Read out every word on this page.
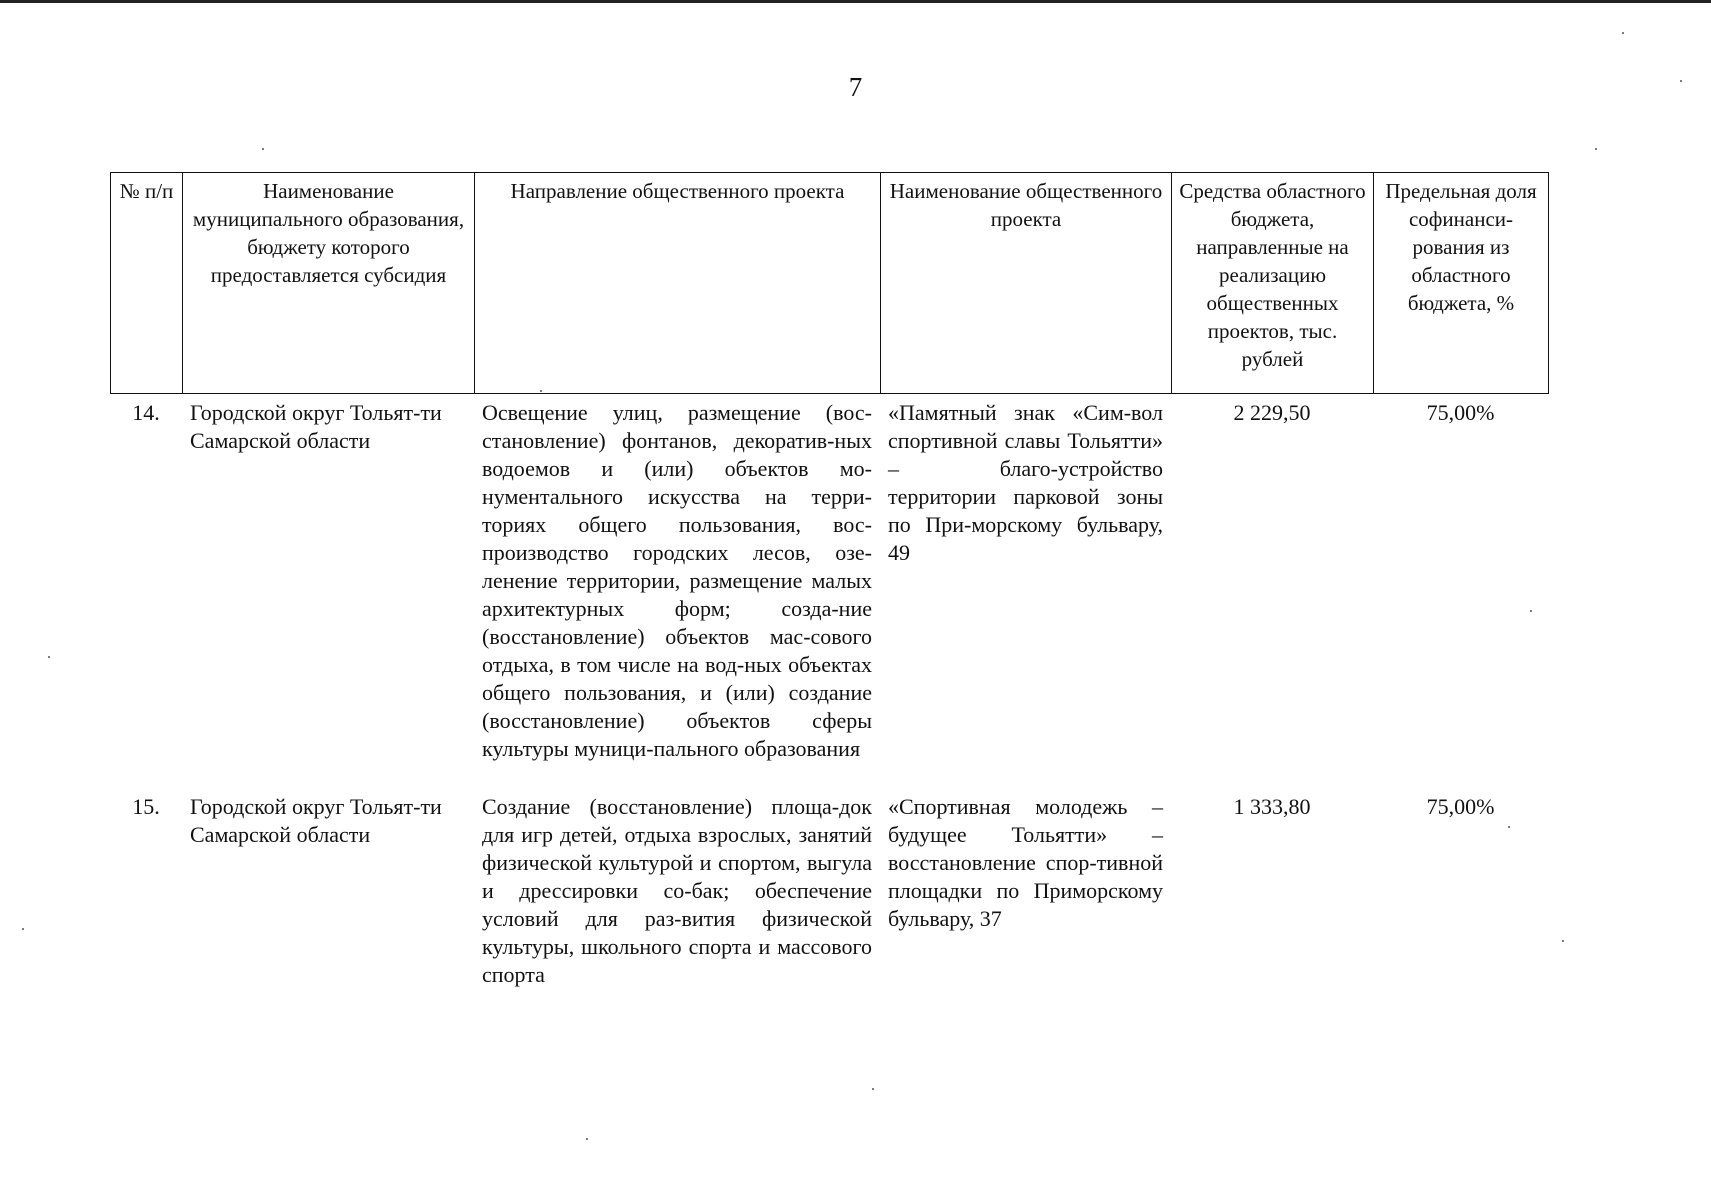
7
№ п/п	Наименование муниципального образования, бюджету которого предоставляется субсидия	Направление общественного проекта	Наименование общественного проекта	Средства областного бюджета, направленные на реализацию общественных проектов, тыс. рублей	Предельная доля софинанси-рования из областного бюджета, %
14.	Городской округ Тольят-ти Самарской области	Освещение улиц, размещение (вос-становление) фонтанов, декоратив-ных водоемов и (или) объектов мо-нументального искусства на терри-ториях общего пользования, вос-производство городских лесов, озе-ленение территории, размещение малых архитектурных форм; созда-ние (восстановление) объектов мас-сового отдыха, в том числе на вод-ных объектах общего пользования, и (или) создание (восстановление) объектов сферы культуры муници-пального образования	«Памятный знак «Сим-вол спортивной славы Тольятти» – благо-устройство территории парковой зоны по При-морскому бульвару, 49	2 229,50	75,00%
15.	Городской округ Тольят-ти Самарской области	Создание (восстановление) площа-док для игр детей, отдыха взрослых, занятий физической культурой и спортом, выгула и дрессировки со-бак; обеспечение условий для раз-вития физической культуры, школьного спорта и массового спорта	«Спортивная молодежь – будущее Тольятти» – восстановление спор-тивной площадки по Приморскому бульвару, 37	1 333,80	75,00%
